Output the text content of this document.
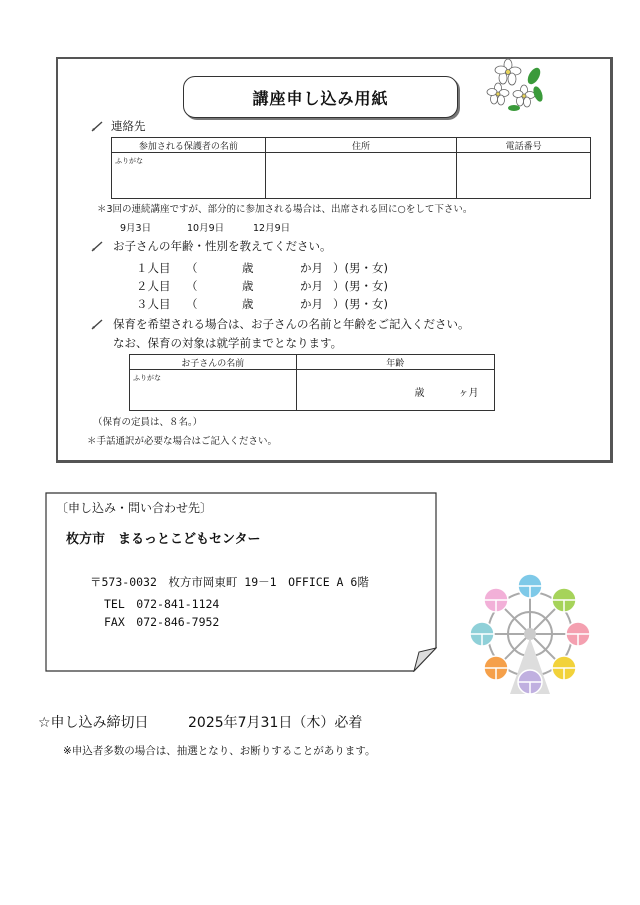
講座申し込み用紙
連絡先
参加される保護者の名前	住所	電話番号
ふりがな		
＊3回の連続講座ですが、部分的に参加される場合は、出席される回に○をして下さい。
9月3日	10月9日	12月9日
お子さんの年齢・性別を教えてください。
１人目 （	歳	か月 ）(男・女)
２人目 （	歳	か月 ）(男・女)
３人目 （	歳	か月 ）(男・女)
保育を希望される場合は、お子さんの名前と年齢をご記入ください。
なお、保育の対象は就学前までとなります。
お子さんの名前	年齢
ふりがな	歳 ヶ月
（保育の定員は、８名。）
＊手話通訳が必要な場合はご記入ください。
〔申し込み・問い合わせ先〕
枚方市　まるっとこどもセンター
〒573-0032　枚方市岡東町 19－1　OFFICE A 6階
TEL　072-841-1124
FAX　072-846-7952
☆申し込み締切日	2025年7月31日（木）必着
※申込者多数の場合は、抽選となり、お断りすることがあります。
